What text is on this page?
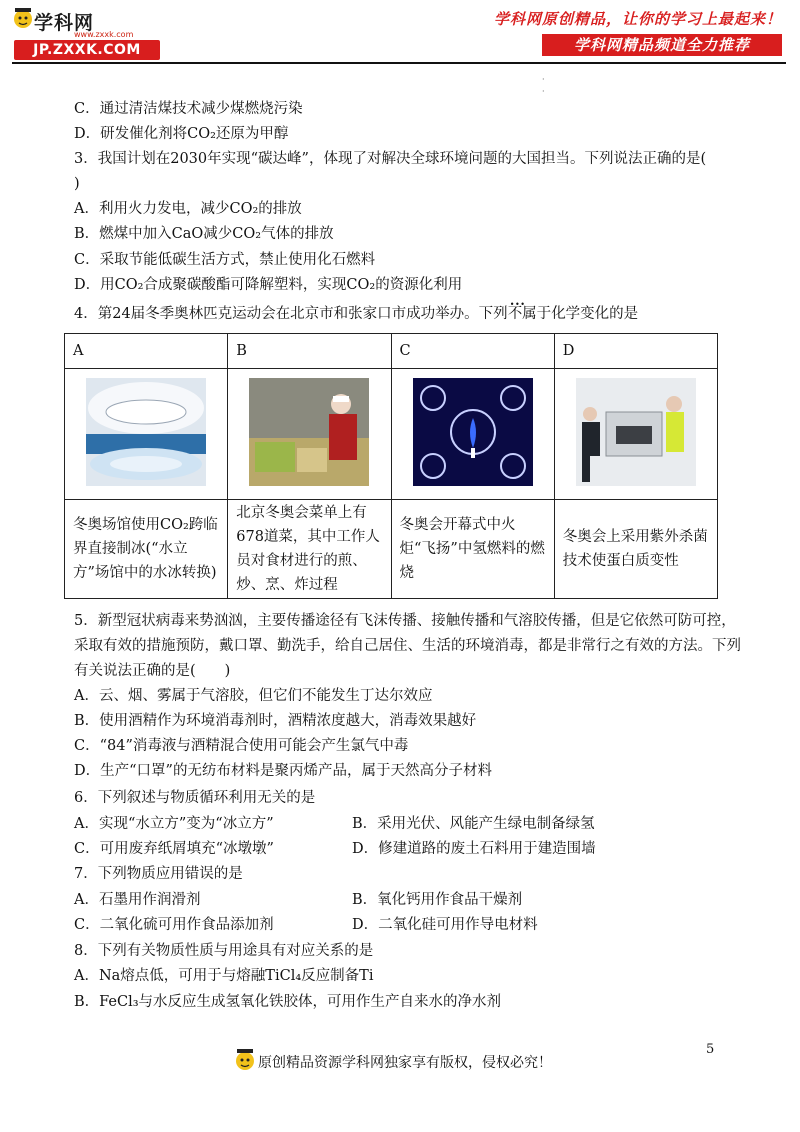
学科网
www.zxxk.com
JP.ZXXK.COM
学科网原创精品，让你的学习上最起来！
学科网精品频道全力推荐
·
·
C．通过清洁煤技术减少煤燃烧污染
D．研发催化剂将CO₂还原为甲醇
3．我国计划在2030年实现“碳达峰”，体现了对解决全球环境问题的大国担当。下列说法正确的是(
)
A．利用火力发电，减少CO₂的排放
B．燃煤中加入CaO减少CO₂气体的排放
C．采取节能低碳生活方式，禁止使用化石燃料
D．用CO₂合成聚碳酸酯可降解塑料，实现CO₂的资源化利用
4．第24届冬季奥林匹克运动会在北京市和张家口市成功举办。下列• • • 不属于化学变化的是
A	B	C	D

冬奥场馆使用CO₂跨临界直接制冰(“水立方”场馆中的水冰转换)	北京冬奥会菜单上有678道菜，其中工作人员对食材进行的煎、炒、烹、炸过程	冬奥会开幕式中火炬“飞扬”中氢燃料的燃烧	冬奥会上采用紫外杀菌技术使蛋白质变性
5．新型冠状病毒来势汹汹，主要传播途径有飞沫传播、接触传播和气溶胶传播，但是它依然可防可控，
采取有效的措施预防，戴口罩、勤洗手，给自己居住、生活的环境消毒，都是非常行之有效的方法。下列
有关说法正确的是(　　)
A．云、烟、雾属于气溶胶，但它们不能发生丁达尔效应
B．使用酒精作为环境消毒剂时，酒精浓度越大，消毒效果越好
C．“84”消毒液与酒精混合使用可能会产生氯气中毒
D．生产“口罩”的无纺布材料是聚丙烯产品，属于天然高分子材料
6．下列叙述与物质循环利用无关的是
A．实现“水立方”变为“冰立方”	B．采用光伏、风能产生绿电制备绿氢
C．可用废弃纸屑填充“冰墩墩”	D．修建道路的废土石料用于建造围墙
7．下列物质应用错误的是
A．石墨用作润滑剂	B．氧化钙用作食品干燥剂
C．二氧化硫可用作食品添加剂	D．二氧化硅可用作导电材料
8．下列有关物质性质与用途具有对应关系的是
A．Na熔点低，可用于与熔融TiCl₄反应制备Ti
B．FeCl₃与水反应生成氢氧化铁胶体，可用作生产自来水的净水剂
5
原创精品资源学科网独家享有版权，侵权必究！
